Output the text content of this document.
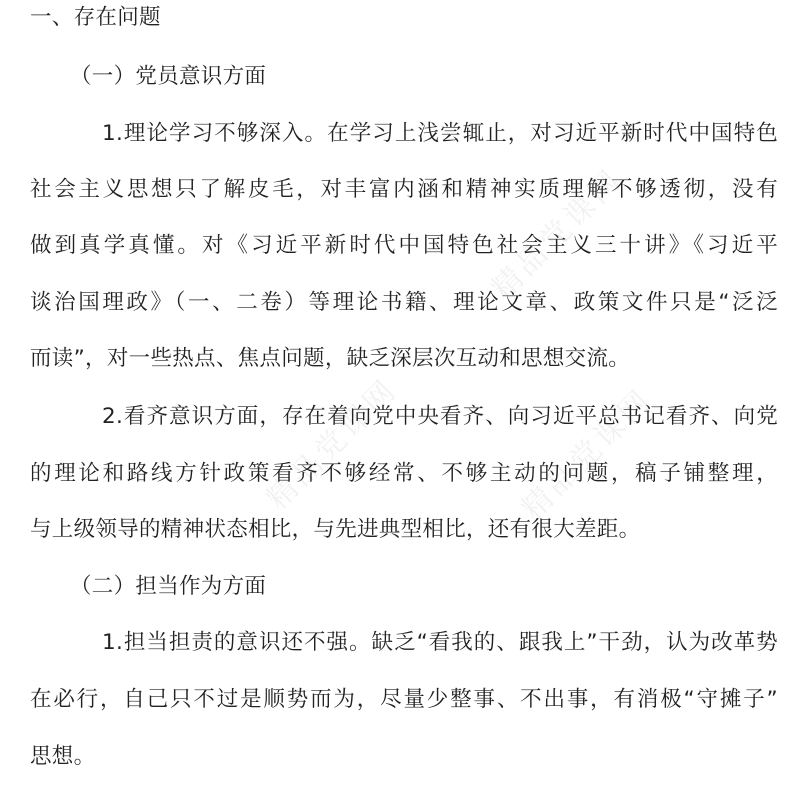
精品党课网
精品党课网	精品党课网
一、存在问题
（一）党员意识方面
1.理论学习不够深入。在学习上浅尝辄止，对习近平新时代中国特色
社会主义思想只了解皮毛，对丰富内涵和精神实质理解不够透彻，没有
做到真学真懂。对《习近平新时代中国特色社会主义三十讲》《习近平
谈治国理政》（一、二卷）等理论书籍、理论文章、政策文件只是“泛泛
而读”，对一些热点、焦点问题，缺乏深层次互动和思想交流。
2.看齐意识方面，存在着向党中央看齐、向习近平总书记看齐、向党
的理论和路线方针政策看齐不够经常、不够主动的问题，稿子铺整理，
与上级领导的精神状态相比，与先进典型相比，还有很大差距。
（二）担当作为方面
1.担当担责的意识还不强。缺乏“看我的、跟我上”干劲，认为改革势
在必行，自己只不过是顺势而为，尽量少整事、不出事，有消极“守摊子”
思想。
